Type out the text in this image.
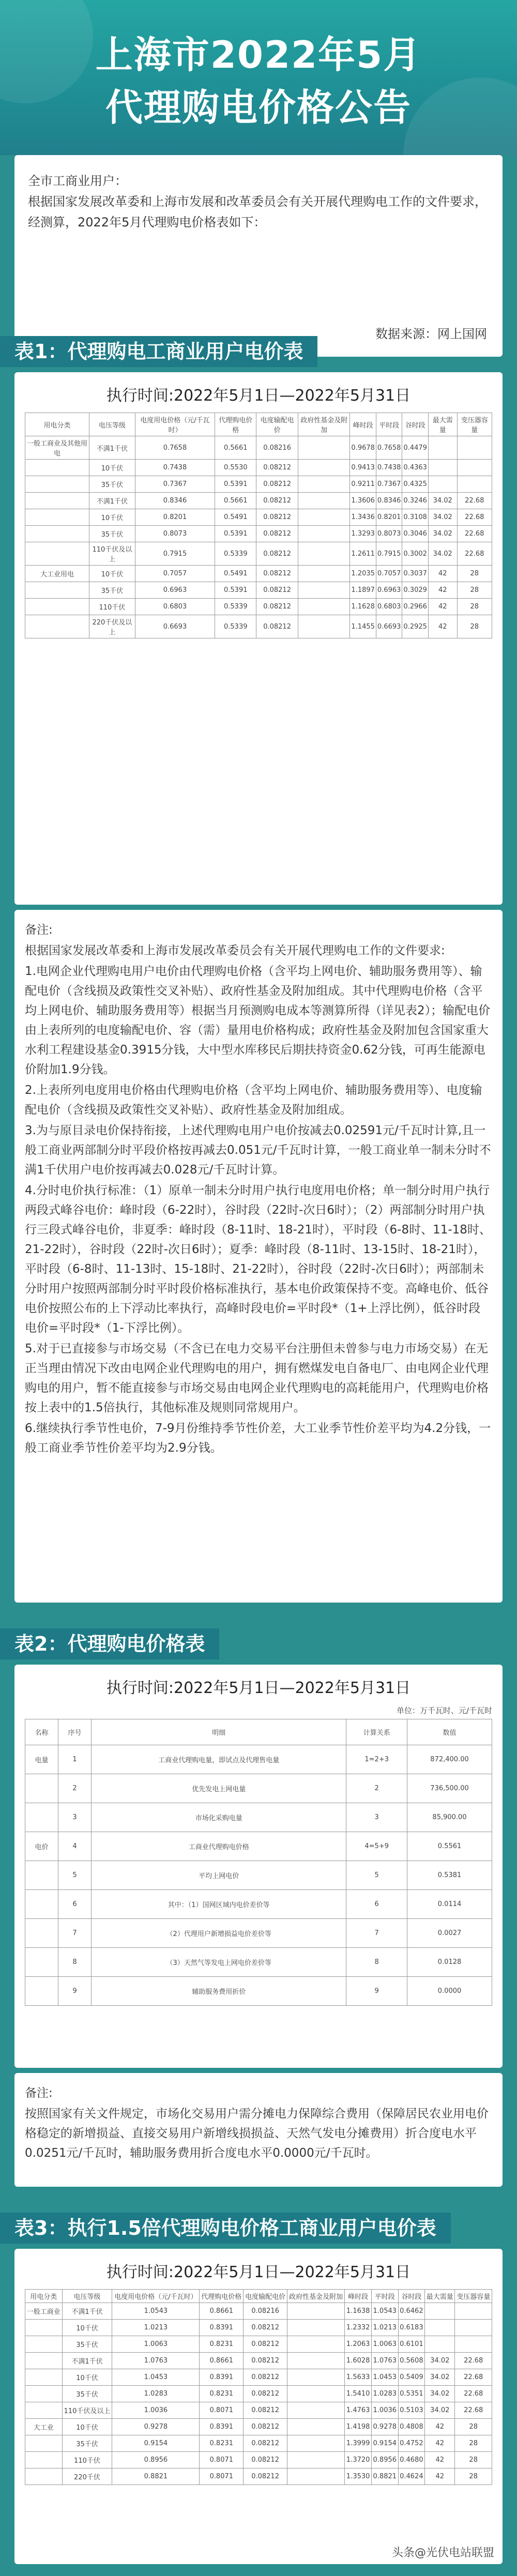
上海市2022年5月
代理购电价格公告

全市工商业用户：

根据国家发展改革委和上海市发展和改革委员会有关开展代理购电工作的文件要求，经测算，2022年5月代理购电价格表如下：

数据来源：网上国网
表1：代理购电工商业用户电价表
执行时间:2022年5月1日—2022年5月31日
用电分类	电压等级	电度用电价格（元/千瓦时）	代理购电价格	电度输配电价	政府性基金及附加	峰时段	平时段	谷时段	最大需量	变压器容量
一般工商业及其他用电	不满1千伏	0.7658	0.5661	0.08216		0.9678	0.7658	0.4479		
	10千伏	0.7438	0.5530	0.08212		0.9413	0.7438	0.4363		
	35千伏	0.7367	0.5391	0.08212		0.9211	0.7367	0.4325		
	不满1千伏	0.8346	0.5661	0.08212		1.3606	0.8346	0.3246	34.02	22.68
	10千伏	0.8201	0.5491	0.08212		1.3436	0.8201	0.3108	34.02	22.68
	35千伏	0.8073	0.5391	0.08212		1.3293	0.8073	0.3046	34.02	22.68
	110千伏及以上	0.7915	0.5339	0.08212		1.2611	0.7915	0.3002	34.02	22.68
大工业用电	10千伏	0.7057	0.5491	0.08212		1.2035	0.7057	0.3037	42	28
	35千伏	0.6963	0.5391	0.08212		1.1897	0.6963	0.3029	42	28
	110千伏	0.6803	0.5339	0.08212		1.1628	0.6803	0.2966	42	28
	220千伏及以上	0.6693	0.5339	0.08212		1.1455	0.6693	0.2925	42	28

备注:

根据国家发展改革委和上海市发展改革委员会有关开展代理购电工作的文件要求:

1.电网企业代理购电用户电价由代理购电价格（含平均上网电价、辅助服务费用等）、输配电价（含线损及政策性交叉补贴）、政府性基金及附加组成。其中代理购电价格（含平均上网电价、辅助服务费用等）根据当月预测购电成本等测算所得（详见表2）；输配电价由上表所列的电度输配电价、容（需）量用电价格构成；政府性基金及附加包含国家重大水利工程建设基金0.3915分钱，大中型水库移民后期扶持资金0.62分钱，可再生能源电价附加1.9分钱。

2.上表所列电度用电价格由代理购电价格（含平均上网电价、辅助服务费用等）、电度输配电价（含线损及政策性交叉补贴）、政府性基金及附加组成。

3.为与原目录电价保持衔接，上述代理购电用户电价按减去0.02591元/千瓦时计算,且一般工商业两部制分时平段价格按再减去0.051元/千瓦时计算，一般工商业单一制未分时不满1千伏用户电价按再减去0.028元/千瓦时计算。

4.分时电价执行标准：（1）原单一制未分时用户执行电度用电价格；单一制分时用户执行两段式峰谷电价：峰时段（6-22时），谷时段（22时-次日6时）；（2）两部制分时用户执行三段式峰谷电价，非夏季：峰时段（8-11时、18-21时），平时段（6-8时、11-18时、21-22时），谷时段（22时-次日6时）；夏季：峰时段（8-11时、13-15时、18-21时），平时段（6-8时、11-13时、15-18时、21-22时），谷时段（22时-次日6时）；两部制未分时用户按照两部制分时平时段价格标准执行，基本电价政策保持不变。高峰电价、低谷电价按照公布的上下浮动比率执行，高峰时段电价=平时段*（1+上浮比例），低谷时段电价=平时段*（1-下浮比例）。

5.对于已直接参与市场交易（不含已在电力交易平台注册但未曾参与电力市场交易）在无正当理由情况下改由电网企业代理购电的用户，拥有燃煤发电自备电厂、由电网企业代理购电的用户，暂不能直接参与市场交易由电网企业代理购电的高耗能用户，代理购电价格按上表中的1.5倍执行，其他标准及规则同常规用户。

6.继续执行季节性电价，7-9月份维持季节性价差，大工业季节性价差平均为4.2分钱，一般工商业季节性价差平均为2.9分钱。

表2：代理购电价格表
执行时间:2022年5月1日—2022年5月31日
单位：万千瓦时、元/千瓦时
名称	序号	明细	计算关系	数值
电量	1	工商业代理购电量，即试点及代理售电量	1=2+3	872,400.00
	2	优先发电上网电量	2	736,500.00
	3	市场化采购电量	3	85,900.00
电价	4	工商业代理购电价格	4=5+9	0.5561
	5	平均上网电价	5	0.5381
	6	其中：（1）国网区域内电价差价等	6	0.0114
	7	（2）代理用户新增损益电价差价等	7	0.0027
	8	（3）天然气等发电上网电价差价等	8	0.0128
	9	辅助服务费用折价	9	0.0000

备注:

按照国家有关文件规定，市场化交易用户需分摊电力保障综合费用（保障居民农业用电价格稳定的新增损益、直接交易用户新增线损损益、天然气发电分摊费用）折合度电水平0.0251元/千瓦时，辅助服务费用折合度电水平0.0000元/千瓦时。

表3：执行1.5倍代理购电价格工商业用户电价表
执行时间:2022年5月1日—2022年5月31日
用电分类	电压等级	电度用电价格（元/千瓦时）	代理购电价格	电度输配电价	政府性基金及附加	峰时段	平时段	谷时段	最大需量	变压器容量
一般工商业	不满1千伏	1.0543	0.8661	0.08216		1.1638	1.0543	0.6462		
	10千伏	1.0213	0.8391	0.08212		1.2332	1.0213	0.6183		
	35千伏	1.0063	0.8231	0.08212		1.2063	1.0063	0.6101		
	不满1千伏	1.0763	0.8661	0.08212		1.6028	1.0763	0.5608	34.02	22.68
	10千伏	1.0453	0.8391	0.08212		1.5633	1.0453	0.5409	34.02	22.68
	35千伏	1.0283	0.8231	0.08212		1.5410	1.0283	0.5351	34.02	22.68
	110千伏及以上	1.0036	0.8071	0.08212		1.4763	1.0036	0.5103	34.02	22.68
大工业	10千伏	0.9278	0.8391	0.08212		1.4198	0.9278	0.4808	42	28
	35千伏	0.9154	0.8231	0.08212		1.3999	0.9154	0.4752	42	28
	110千伏	0.8956	0.8071	0.08212		1.3720	0.8956	0.4680	42	28
	220千伏	0.8821	0.8071	0.08212		1.3530	0.8821	0.4624	42	28
头条@光伏电站联盟
